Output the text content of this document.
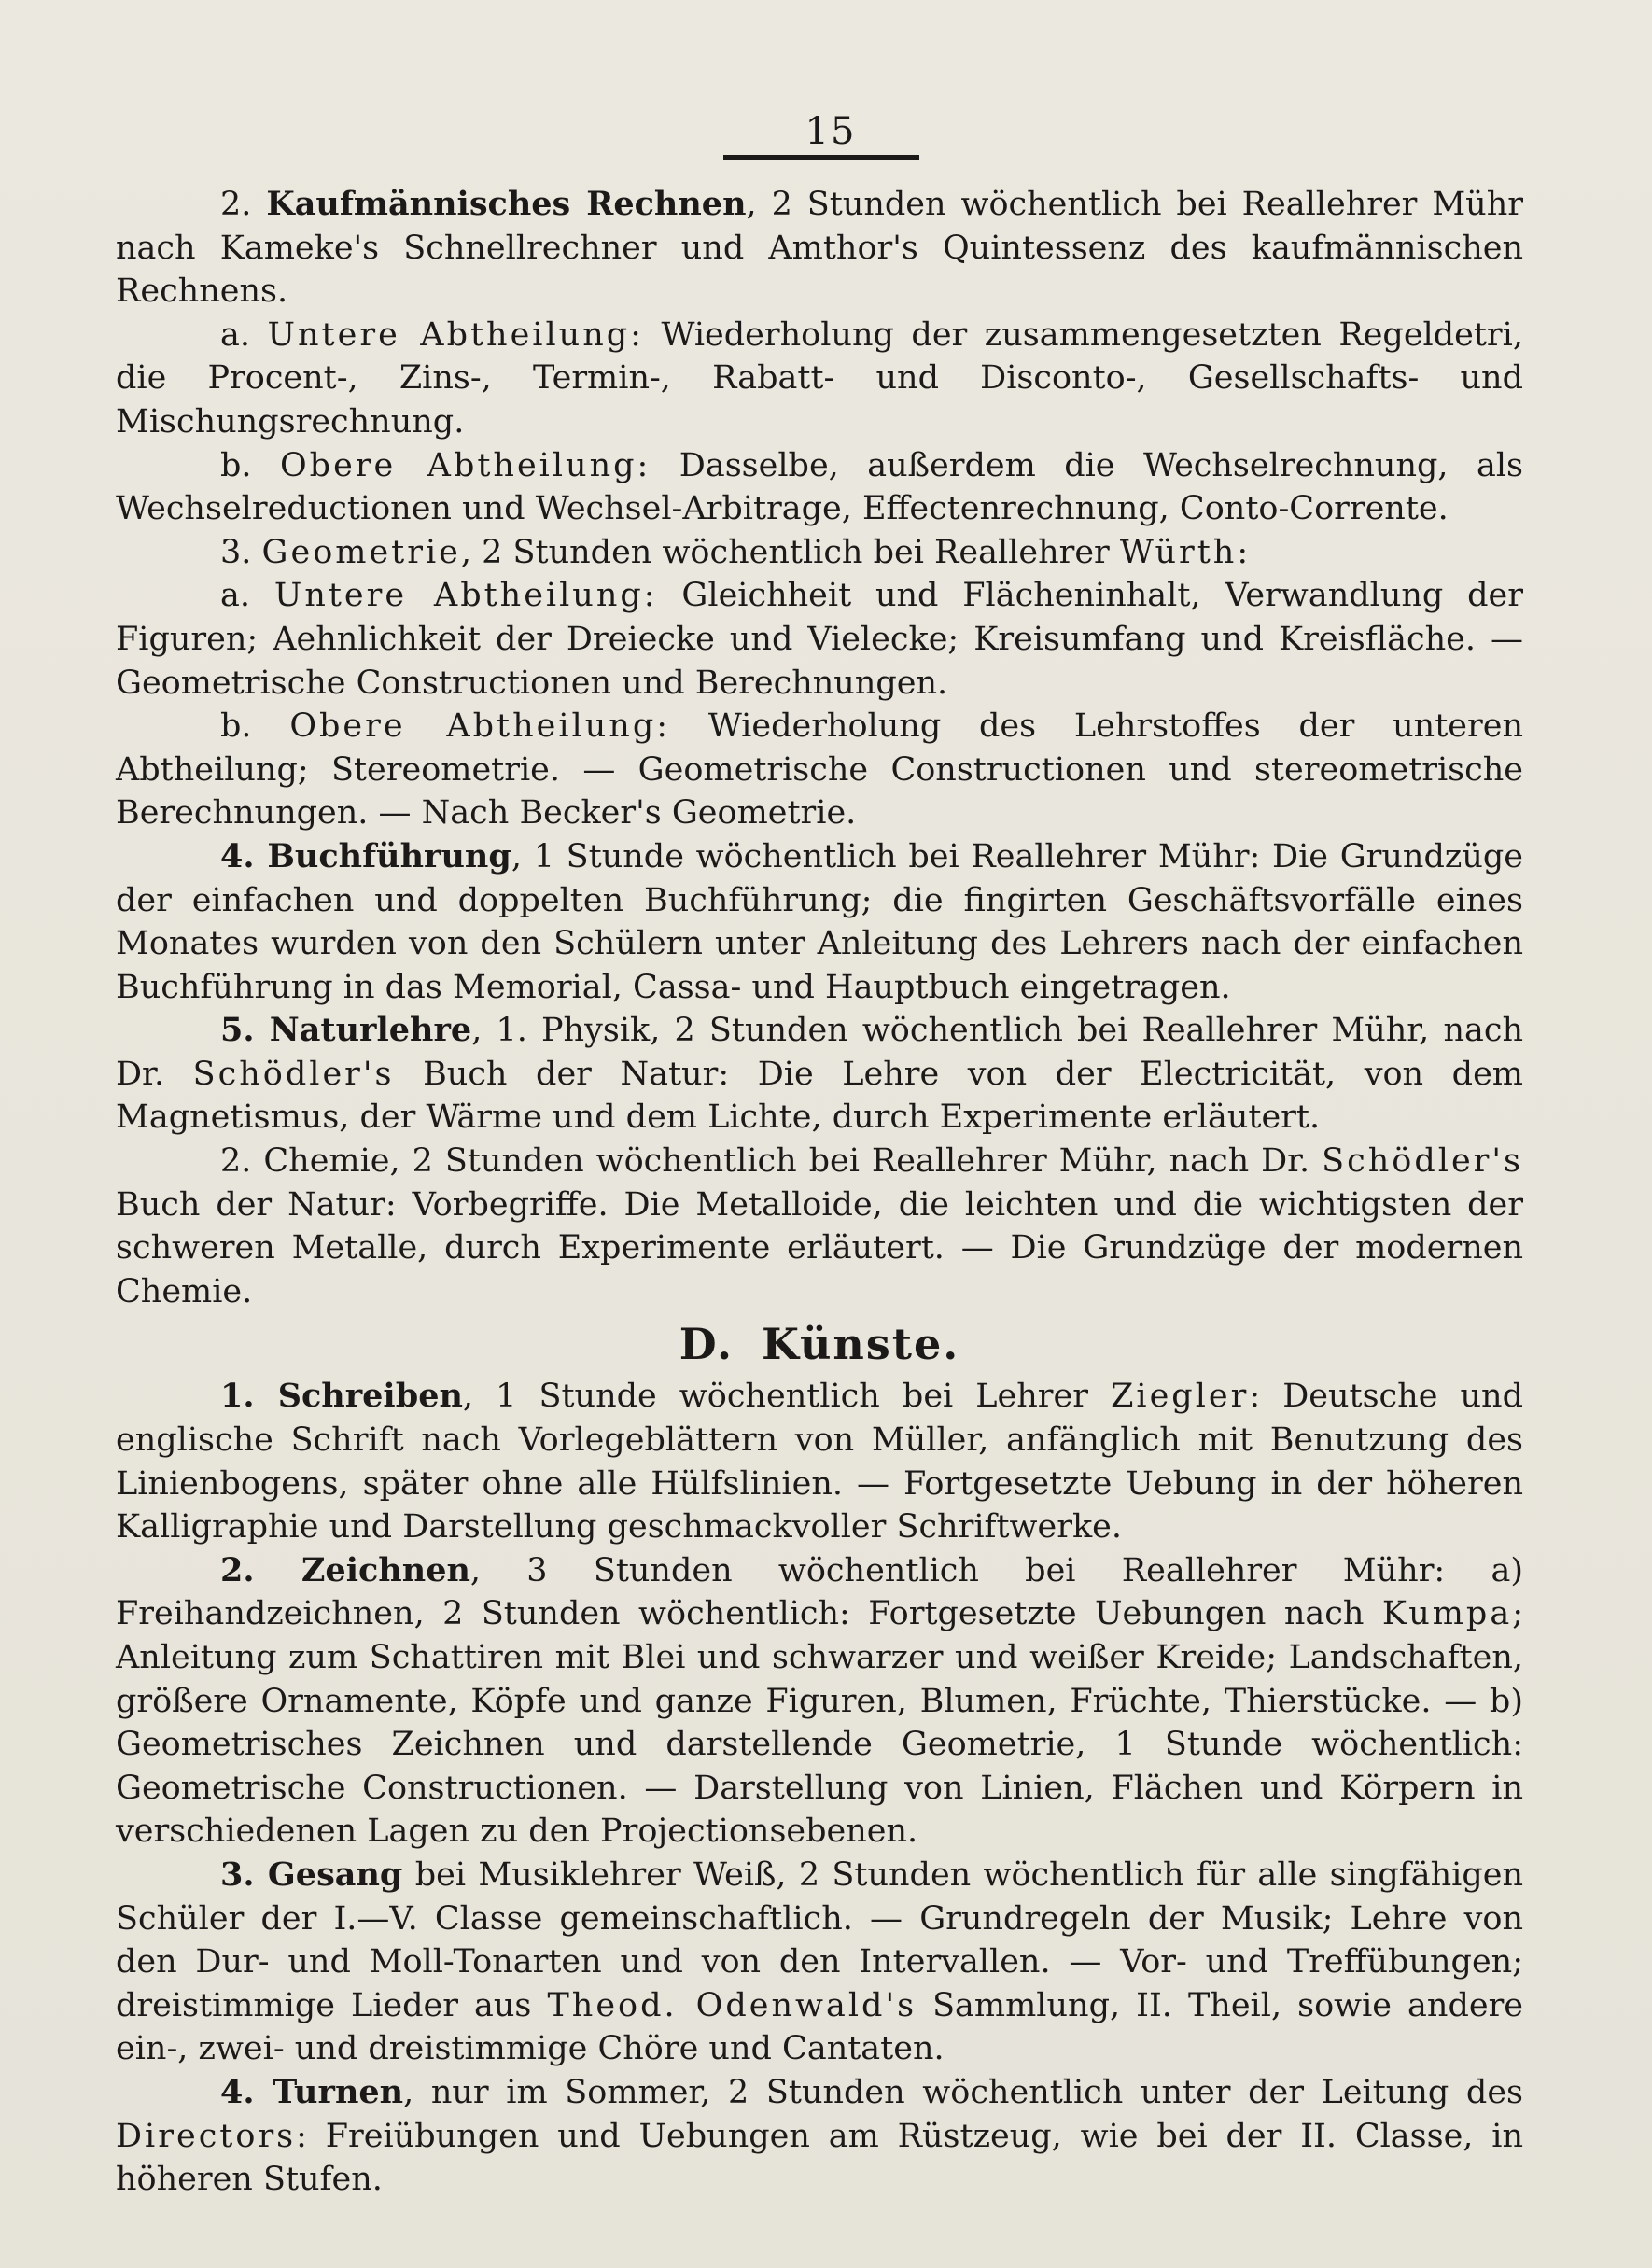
15

2. Kaufmännisches Rechnen, 2 Stunden wöchentlich bei Reallehrer Mühr nach Kameke's Schnellrechner und Amthor's Quintessenz des kaufmännischen Rechnens.

a. Untere Abtheilung: Wiederholung der zusammengesetzten Regeldetri, die Procent-, Zins-, Termin-, Rabatt- und Disconto-, Gesellschafts- und Mischungsrechnung.

b. Obere Abtheilung: Dasselbe, außerdem die Wechselrechnung, als Wechselreductionen und Wechsel-Arbitrage, Effectenrechnung, Conto-Corrente.

3. Geometrie, 2 Stunden wöchentlich bei Reallehrer Würth:

a. Untere Abtheilung: Gleichheit und Flächeninhalt, Verwandlung der Figuren; Aehnlichkeit der Dreiecke und Vielecke; Kreisumfang und Kreisfläche. — Geometrische Constructionen und Berechnungen.

b. Obere Abtheilung: Wiederholung des Lehrstoffes der unteren Abtheilung; Stereometrie. — Geometrische Constructionen und stereometrische Berechnungen. — Nach Becker's Geometrie.

4. Buchführung, 1 Stunde wöchentlich bei Reallehrer Mühr: Die Grundzüge der einfachen und doppelten Buchführung; die fingirten Geschäftsvorfälle eines Monates wurden von den Schülern unter Anleitung des Lehrers nach der einfachen Buchführung in das Memorial, Cassa- und Hauptbuch eingetragen.

5. Naturlehre, 1. Physik, 2 Stunden wöchentlich bei Reallehrer Mühr, nach Dr. Schödler's Buch der Natur: Die Lehre von der Electricität, von dem Magnetismus, der Wärme und dem Lichte, durch Experimente erläutert.

2. Chemie, 2 Stunden wöchentlich bei Reallehrer Mühr, nach Dr. Schödler's Buch der Natur: Vorbegriffe. Die Metalloide, die leichten und die wichtigsten der schweren Metalle, durch Experimente erläutert. — Die Grundzüge der modernen Chemie.

D. Künste.

1. Schreiben, 1 Stunde wöchentlich bei Lehrer Ziegler: Deutsche und englische Schrift nach Vorlegeblättern von Müller, anfänglich mit Benutzung des Linienbogens, später ohne alle Hülfslinien. — Fortgesetzte Uebung in der höheren Kalligraphie und Darstellung geschmackvoller Schriftwerke.

2. Zeichnen, 3 Stunden wöchentlich bei Reallehrer Mühr: a) Freihandzeichnen, 2 Stunden wöchentlich: Fortgesetzte Uebungen nach Kumpa; Anleitung zum Schattiren mit Blei und schwarzer und weißer Kreide; Landschaften, größere Ornamente, Köpfe und ganze Figuren, Blumen, Früchte, Thierstücke. — b) Geometrisches Zeichnen und darstellende Geometrie, 1 Stunde wöchentlich: Geometrische Constructionen. — Darstellung von Linien, Flächen und Körpern in verschiedenen Lagen zu den Projectionsebenen.

3. Gesang bei Musiklehrer Weiß, 2 Stunden wöchentlich für alle singfähigen Schüler der I.—V. Classe gemeinschaftlich. — Grundregeln der Musik; Lehre von den Dur- und Moll-Tonarten und von den Intervallen. — Vor- und Treffübungen; dreistimmige Lieder aus Theod. Odenwald's Sammlung, II. Theil, sowie andere ein-, zwei- und dreistimmige Chöre und Cantaten.

4. Turnen, nur im Sommer, 2 Stunden wöchentlich unter der Leitung des Directors: Freiübungen und Uebungen am Rüstzeug, wie bei der II. Classe, in höheren Stufen.
